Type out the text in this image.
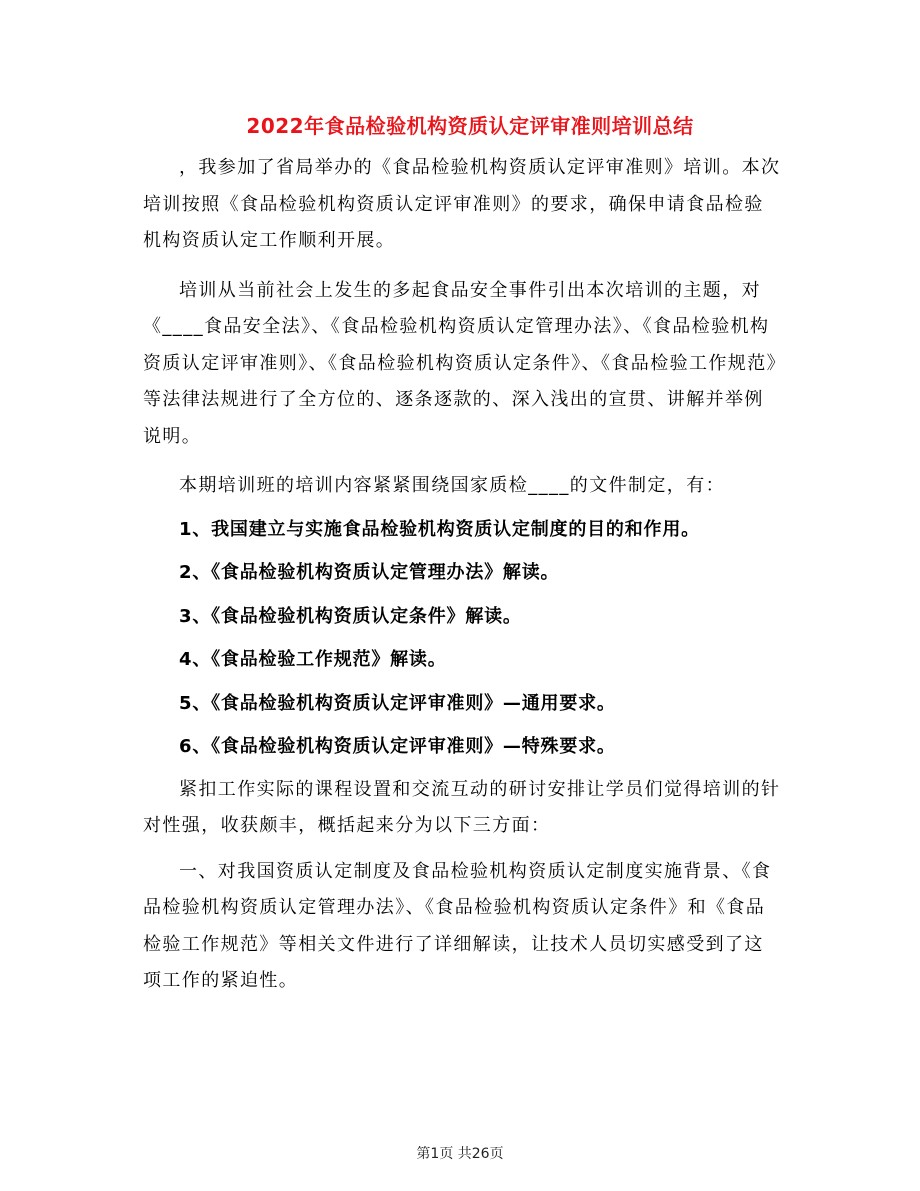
2022年食品检验机构资质认定评审准则培训总结

，我参加了省局举办的《食品检验机构资质认定评审准则》培训。本次培训按照《食品检验机构资质认定评审准则》的要求，确保申请食品检验机构资质认定工作顺利开展。

培训从当前社会上发生的多起食品安全事件引出本次培训的主题，对《____食品安全法》、《食品检验机构资质认定管理办法》、《食品检验机构资质认定评审准则》、《食品检验机构资质认定条件》、《食品检验工作规范》等法律法规进行了全方位的、逐条逐款的、深入浅出的宣贯、讲解并举例说明。

本期培训班的培训内容紧紧围绕国家质检____的文件制定，有：

1、我国建立与实施食品检验机构资质认定制度的目的和作用。

2、《食品检验机构资质认定管理办法》解读。

3、《食品检验机构资质认定条件》解读。

4、《食品检验工作规范》解读。

5、《食品检验机构资质认定评审准则》—通用要求。

6、《食品检验机构资质认定评审准则》—特殊要求。

紧扣工作实际的课程设置和交流互动的研讨安排让学员们觉得培训的针对性强，收获颇丰，概括起来分为以下三方面：

一、对我国资质认定制度及食品检验机构资质认定制度实施背景、《食品检验机构资质认定管理办法》、《食品检验机构资质认定条件》和《食品检验工作规范》等相关文件进行了详细解读，让技术人员切实感受到了这项工作的紧迫性。

第1页 共26页
